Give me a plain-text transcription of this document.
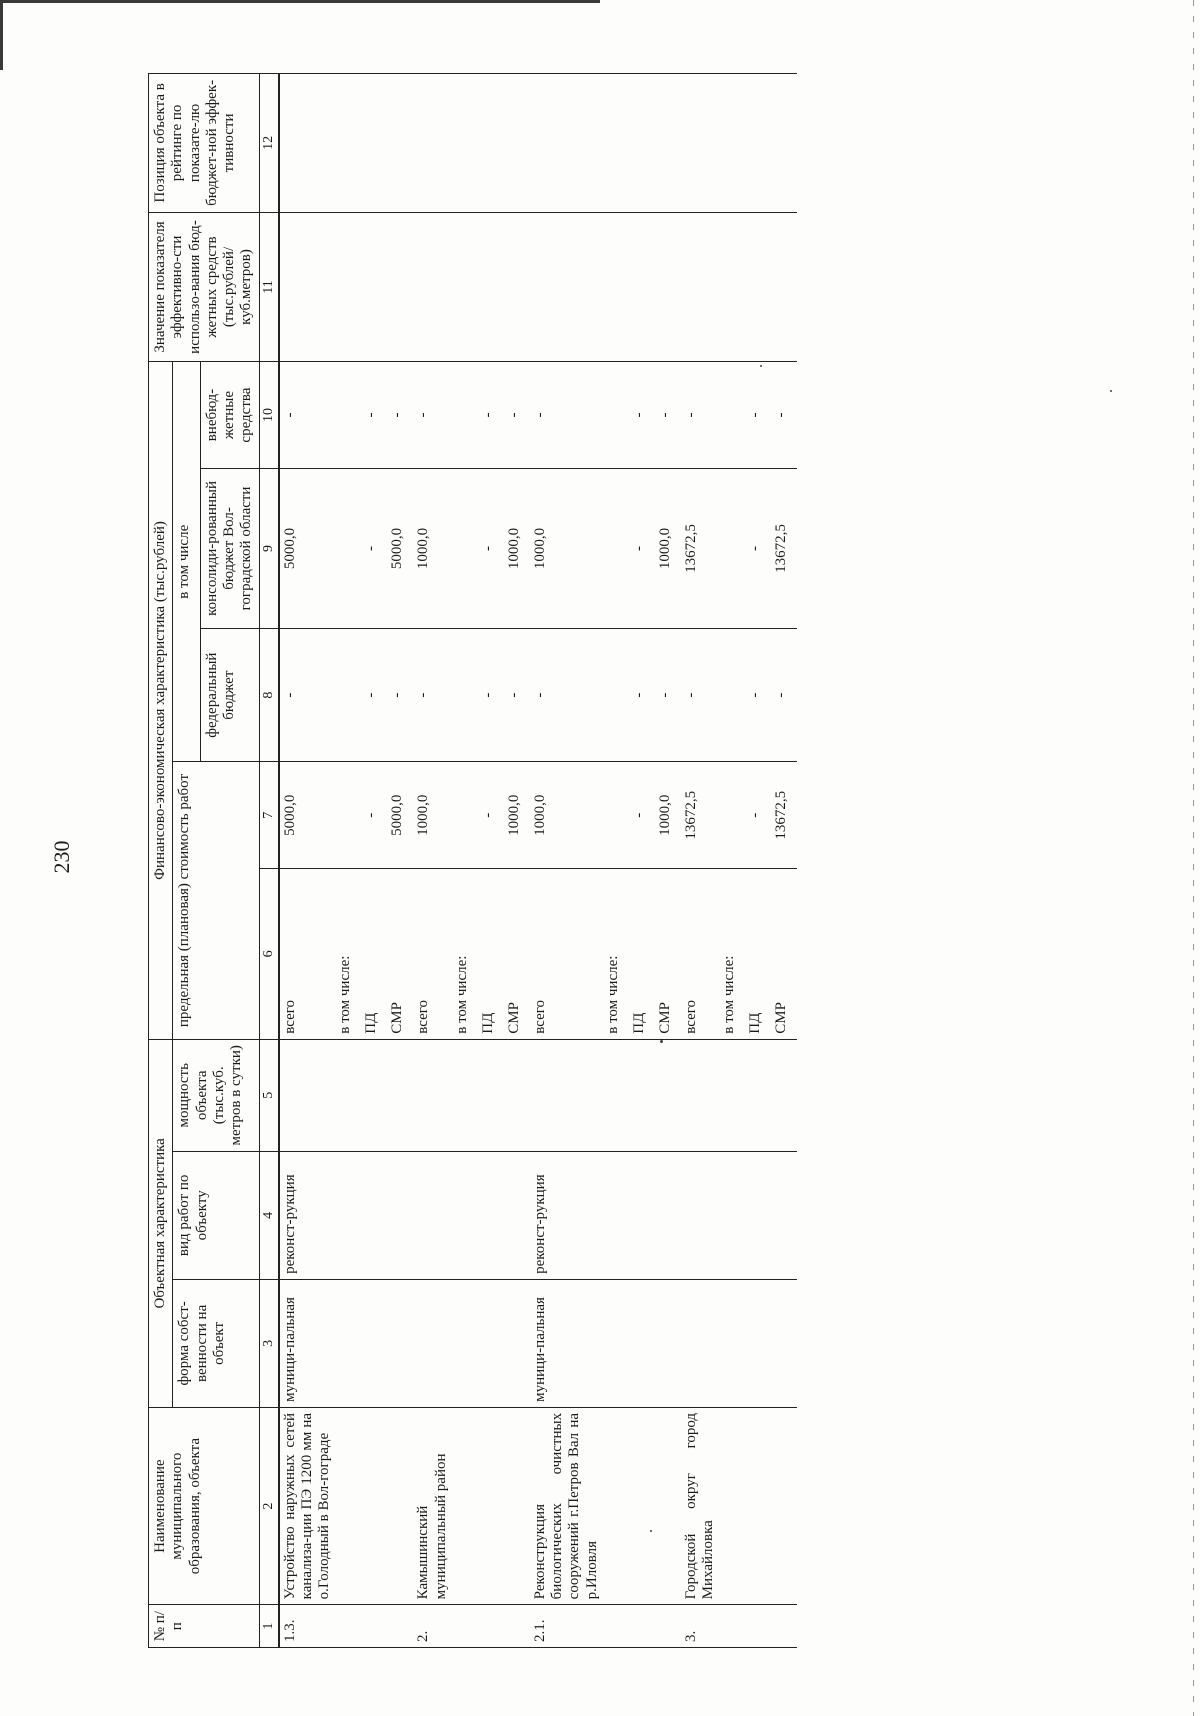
230
№ п/п	Наименование муниципального образования, объекта	Объектная характеристика			Финансово-экономическая характеристика (тыс.рублей)					Значение показателя эффективно-сти использо-вания бюд-жетных средств (тыс.рублей/ куб.метров)	Позиция объекта в рейтинге по показате-лю бюджет-ной эффек-тивности
		форма собст-венности на объект	вид работ по объекту	мощность объекта (тыс.куб. метров в сутки)	предельная (плановая) стоимость работ		в том числе				
							федеральный бюджет	консолиди-рованный бюджет Вол-гоградской области	внебюд-жетные средства		
1	2	3	4	5	6	7	8	9	10	11	12
1.3.	Устройство наружных сетей канализа-ции ПЭ 1200 мм на о.Голодный в Вол-гограде	муници-пальная	реконст-рукция		всего	5000,0	-	5000,0	-		
					в том числе:						
					ПД	-	-	-	-		
					СМР	5000,0	-	5000,0	-		
2.	Камышинский муниципальный район				всего	1000,0	-	1000,0	-		
					в том числе:						
					ПД	-	-	-	-		
					СМР	1000,0	-	1000,0	-		
2.1.	Реконструкция биологических очистных сооружений г.Петров Вал на р.Иловля	муници-пальная	реконст-рукция		всего	1000,0	-	1000,0	-		
					в том числе:						
					ПД	-	-	-	-		
					СМР	1000,0	-	1000,0	-		
3.	Городской округ город Михайловка				всего	13672,5	-	13672,5	-		
					в том числе:						
					ПД	-	-	-	-		
					СМР	13672,5	-	13672,5	-		
